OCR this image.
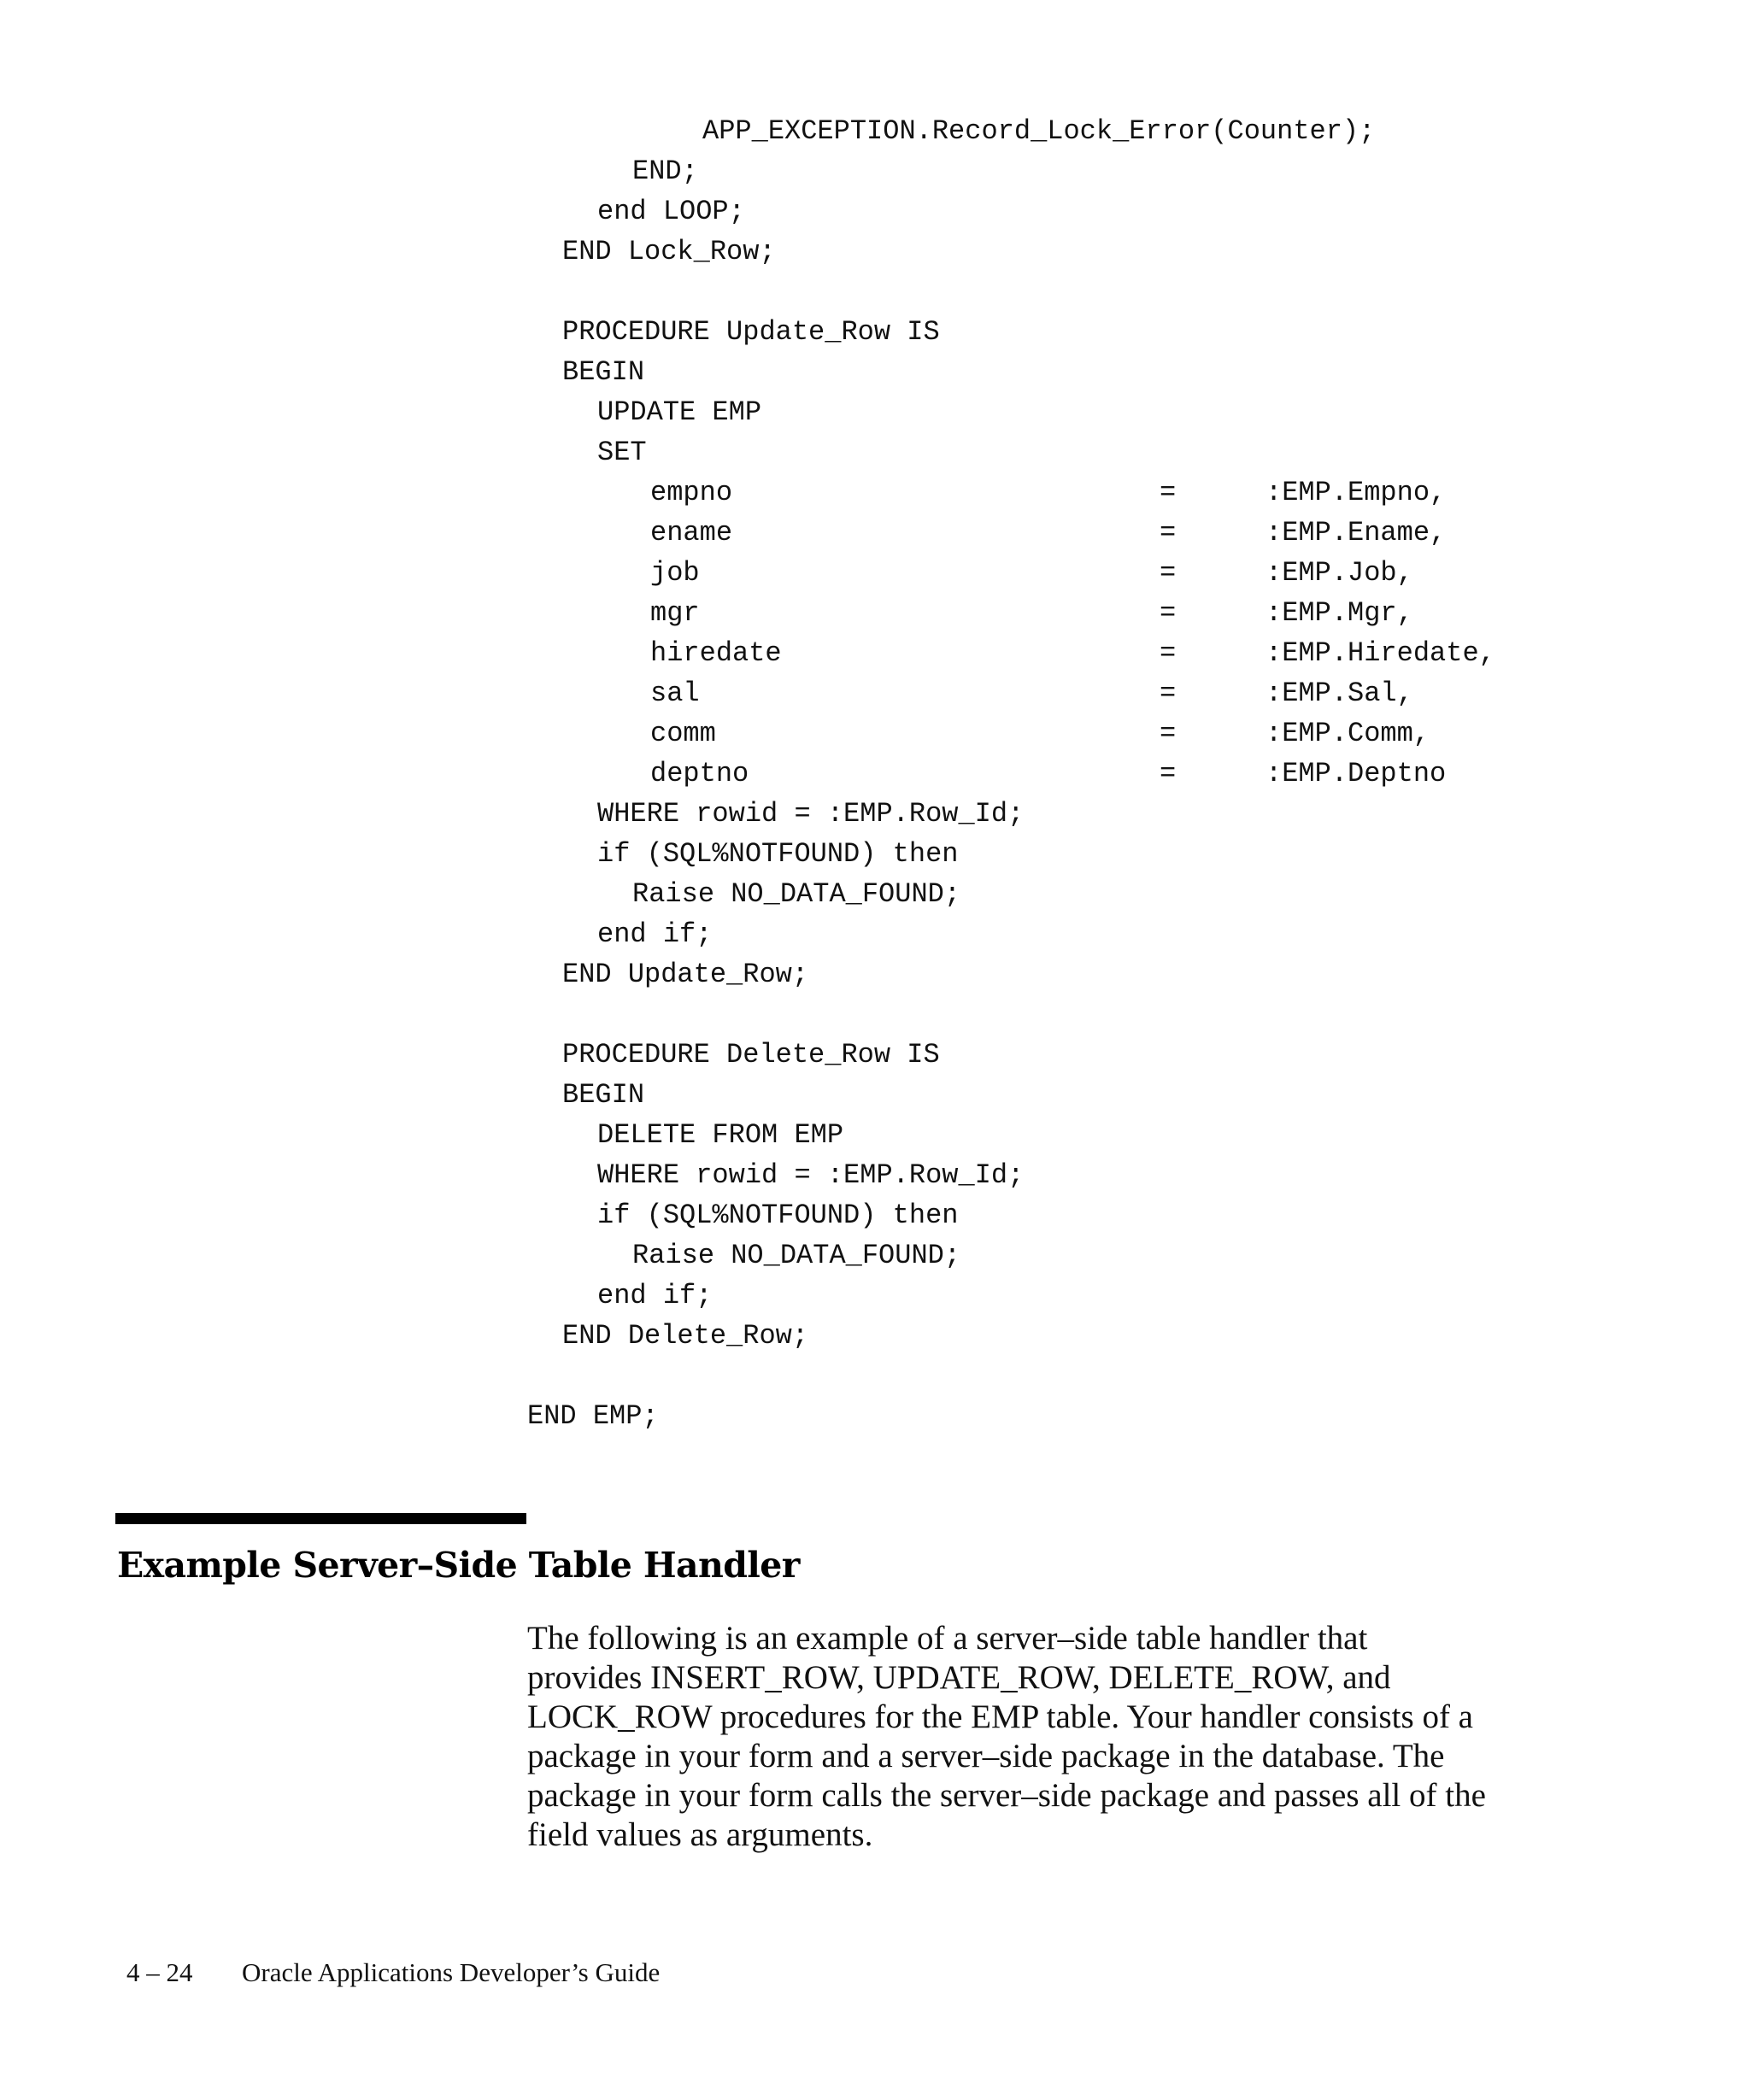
APP_EXCEPTION.Record_Lock_Error(Counter);
END;
end LOOP;
END Lock_Row;
PROCEDURE Update_Row IS
BEGIN
UPDATE EMP
SET
empno	=	:EMP.Empno,
ename	=	:EMP.Ename,
job	=	:EMP.Job,
mgr	=	:EMP.Mgr,
hiredate	=	:EMP.Hiredate,
sal	=	:EMP.Sal,
comm	=	:EMP.Comm,
deptno	=	:EMP.Deptno
WHERE rowid = :EMP.Row_Id;
if (SQL%NOTFOUND) then
Raise NO_DATA_FOUND;
end if;
END Update_Row;
PROCEDURE Delete_Row IS
BEGIN
DELETE FROM EMP
WHERE rowid = :EMP.Row_Id;
if (SQL%NOTFOUND) then
Raise NO_DATA_FOUND;
end if;
END Delete_Row;
END EMP;
Example Server–Side Table Handler

The following is an example of a server–side table handler that
provides INSERT_ROW, UPDATE_ROW, DELETE_ROW, and
LOCK_ROW procedures for the EMP table. Your handler consists of a
package in your form and a server–side package in the database. The
package in your form calls the server–side package and passes all of the
field values as arguments.

4 – 24 Oracle Applications Developer’s Guide
